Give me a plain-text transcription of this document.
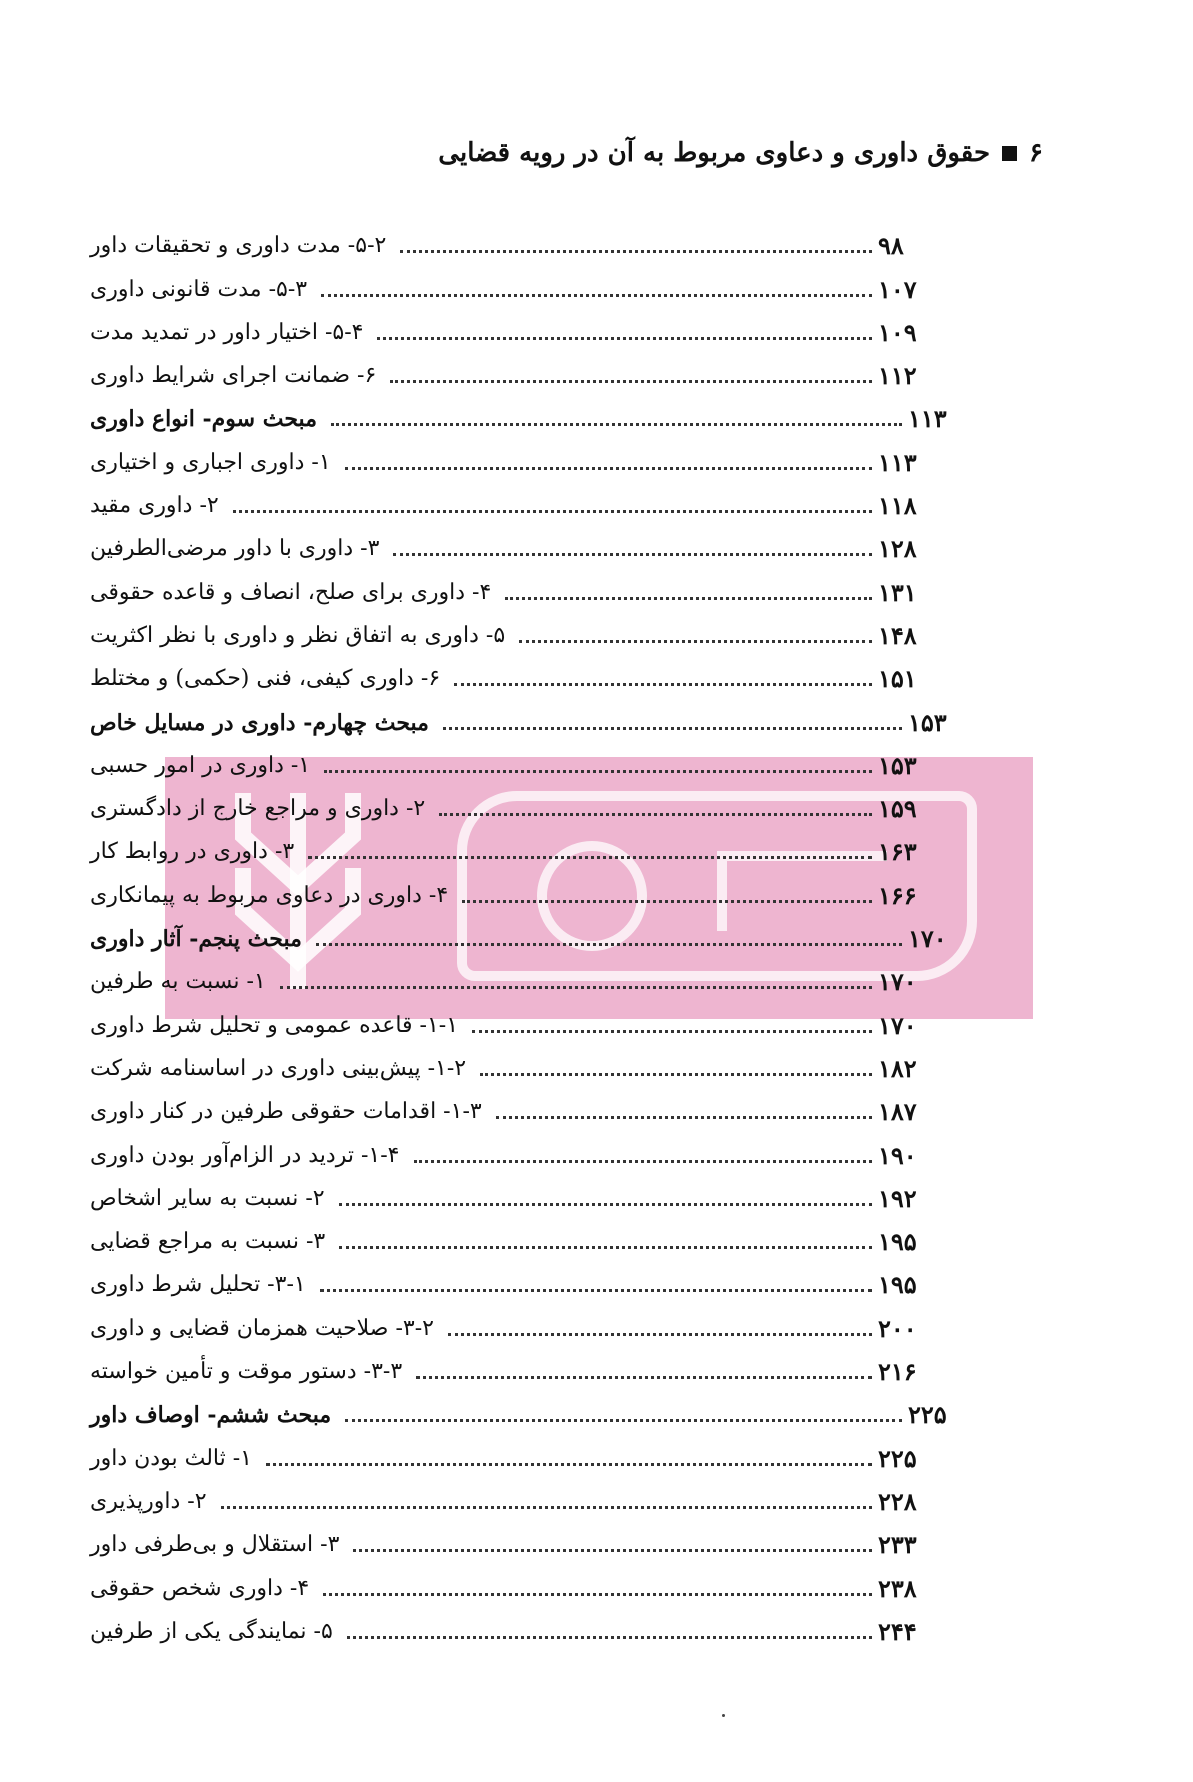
۶
حقوق داوری و دعاوی مربوط به آن در رویه قضایی
۵-۲- مدت داوری و تحقیقات داور	۹۸
۵-۳- مدت قانونی داوری	۱۰۷
۵-۴- اختیار داور در تمدید مدت	۱۰۹
۶- ضمانت اجرای شرایط داوری	۱۱۲
مبحث سوم- انواع داوری	۱۱۳
۱- داوری اجباری و اختیاری	۱۱۳
۲- داوری مقید	۱۱۸
۳- داوری با داور مرضی‌الطرفین	۱۲۸
۴- داوری برای صلح، انصاف و قاعده حقوقی	۱۳۱
۵- داوری به اتفاق نظر و داوری با نظر اکثریت	۱۴۸
۶- داوری کیفی، فنی (حکمی) و مختلط	۱۵۱
مبحث چهارم- داوری در مسایل خاص	۱۵۳
۱- داوری در امور حسبی	۱۵۳
۲- داوری و مراجع خارج از دادگستری	۱۵۹
۳- داوری در روابط کار	۱۶۳
۴- داوری در دعاوی مربوط به پیمانکاری	۱۶۶
مبحث پنجم- آثار داوری	۱۷۰
۱- نسبت به طرفین	۱۷۰
۱-۱- قاعده عمومی و تحلیل شرط داوری	۱۷۰
۱-۲- پیش‌بینی داوری در اساسنامه شرکت	۱۸۲
۱-۳- اقدامات حقوقی طرفین در کنار داوری	۱۸۷
۱-۴- تردید در الزام‌آور بودن داوری	۱۹۰
۲- نسبت به سایر اشخاص	۱۹۲
۳- نسبت به مراجع قضایی	۱۹۵
۳-۱- تحلیل شرط داوری	۱۹۵
۳-۲- صلاحیت همزمان قضایی و داوری	۲۰۰
۳-۳- دستور موقت و تأمین خواسته	۲۱۶
مبحث ششم- اوصاف داور	۲۲۵
۱- ثالث بودن داور	۲۲۵
۲- داورپذیری	۲۲۸
۳- استقلال و بی‌طرفی داور	۲۳۳
۴- داوری شخص حقوقی	۲۳۸
۵- نمایندگی یکی از طرفین	۲۴۴
